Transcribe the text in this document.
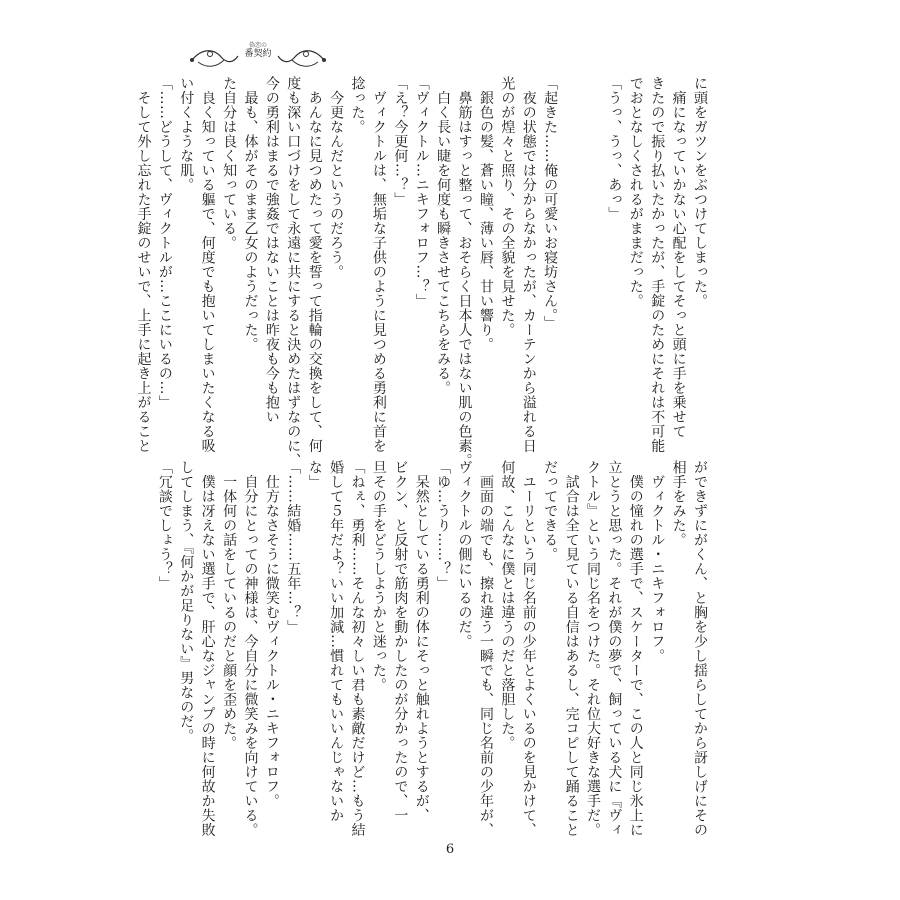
偽恋の
番契約
に頭をガツンをぶつけてしまった。
　痛になっていかない心配をしてそっと頭に手を乗せて
きたので振り払いたかったが、手錠のためにそれは不可能
でおとなしくされるがままだった。
「うっ、うっ、あっ」

「起きた……俺の可愛いお寝坊さん。」
　夜の状態では分からなかったが、カーテンから溢れる日
光のが煌々と照り、その全貌を見せた。
　銀色の髪、蒼い瞳、薄い唇、甘い響り。
　鼻筋はすっと整って、おそらく日本人ではない肌の色素。
　白く長い睫を何度も瞬きさせてこちらをみる。
「ヴィクトル…ニキフォロフ…？」
「え？今更何…？」
　ヴィクトルは、無垢な子供のように見つめる勇利に首を
捻った。
　今更なんだというのだろう。
　あんなに見つめたって愛を誓って指輪の交換をして、何
度も深い口づけをして永遠に共にすると決めたはずなのに、
今の勇利はまるで強姦ではないことは昨夜も今も抱い
　最も、体がそのまま乙女のようだった。
た自分は良く知っている。
　良く知っている軀で、何度でも抱いてしまいたくなる吸
い付くような肌。
「……どうして、ヴィクトルが…ここにいるの…」
　そして外し忘れた手錠のせいで、上手に起き上がること
ができずにがくん、と胸を少し揺らしてから訝しげにその
相手をみた。
　ヴィクトル・ニキフォロフ。
　僕の憧れの選手で、スケーターで、この人と同じ氷上に
立とうと思った。それが僕の夢で、飼っている犬に『ヴィ
クトル』という同じ名をつけた。それ位大好きな選手だ。
　試合は全て見ている自信はあるし、完コピして踊ること
だってできる。
　ユーリという同じ名前の少年とよくいるのを見かけて、
何故、こんなに僕とは違うのだと落胆した。
　画面の端でも、擦れ違う一瞬でも、同じ名前の少年が、
ヴィクトルの側にいるのだ。
「ゆ…うり……？」
　呆然としている勇利の体にそっと触れようとするが、
ビクン、と反射で筋肉を動かしたのが分かったので、一
旦その手をどうしようかと迷った。
「ねぇ、勇利……そんな初々しい君も素敵だけど…もう結
婚して５年だよ？いい加減…慣れてもいいんじゃないか
な」
「……結婚……五年…？」
　仕方なさそうに微笑むヴィクトル・ニキフォロフ。
　自分にとっての神様は、今自分に微笑みを向けている。
　一体何の話をしているのだと顔を歪めた。
　僕は冴えない選手で、肝心なジャンプの時に何故か失敗
してしまう、『何かが足りない』男なのだ。
「冗談でしょう？」
6
